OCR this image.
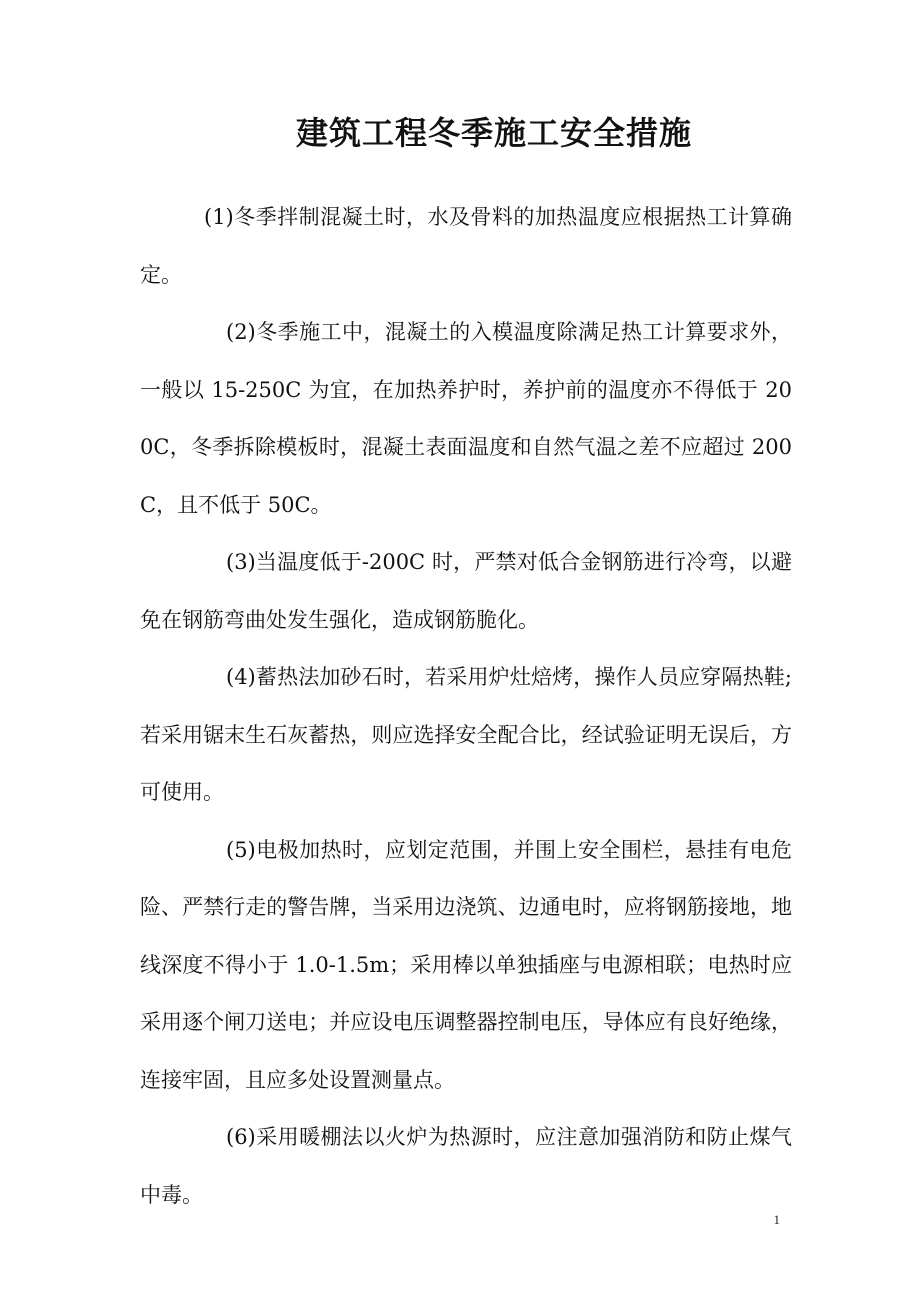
建筑工程冬季施工安全措施

(1)冬季拌制混凝土时，水及骨料的加热温度应根据热工计算确定。

(2)冬季施工中，混凝土的入模温度除满足热工计算要求外，一般以 15-250C 为宜，在加热养护时，养护前的温度亦不得低于 200C，冬季拆除模板时，混凝土表面温度和自然气温之差不应超过 200C，且不低于 50C。

(3)当温度低于-200C 时，严禁对低合金钢筋进行冷弯，以避免在钢筋弯曲处发生强化，造成钢筋脆化。

(4)蓄热法加砂石时，若采用炉灶焙烤，操作人员应穿隔热鞋;若采用锯末生石灰蓄热，则应选择安全配合比，经试验证明无误后，方可使用。

(5)电极加热时，应划定范围，并围上安全围栏，悬挂有电危险、严禁行走的警告牌，当采用边浇筑、边通电时，应将钢筋接地，地线深度不得小于 1.0-1.5m；采用棒以单独插座与电源相联；电热时应采用逐个闸刀送电；并应设电压调整器控制电压，导体应有良好绝缘，连接牢固，且应多处设置测量点。

(6)采用暖棚法以火炉为热源时，应注意加强消防和防止煤气中毒。

1
